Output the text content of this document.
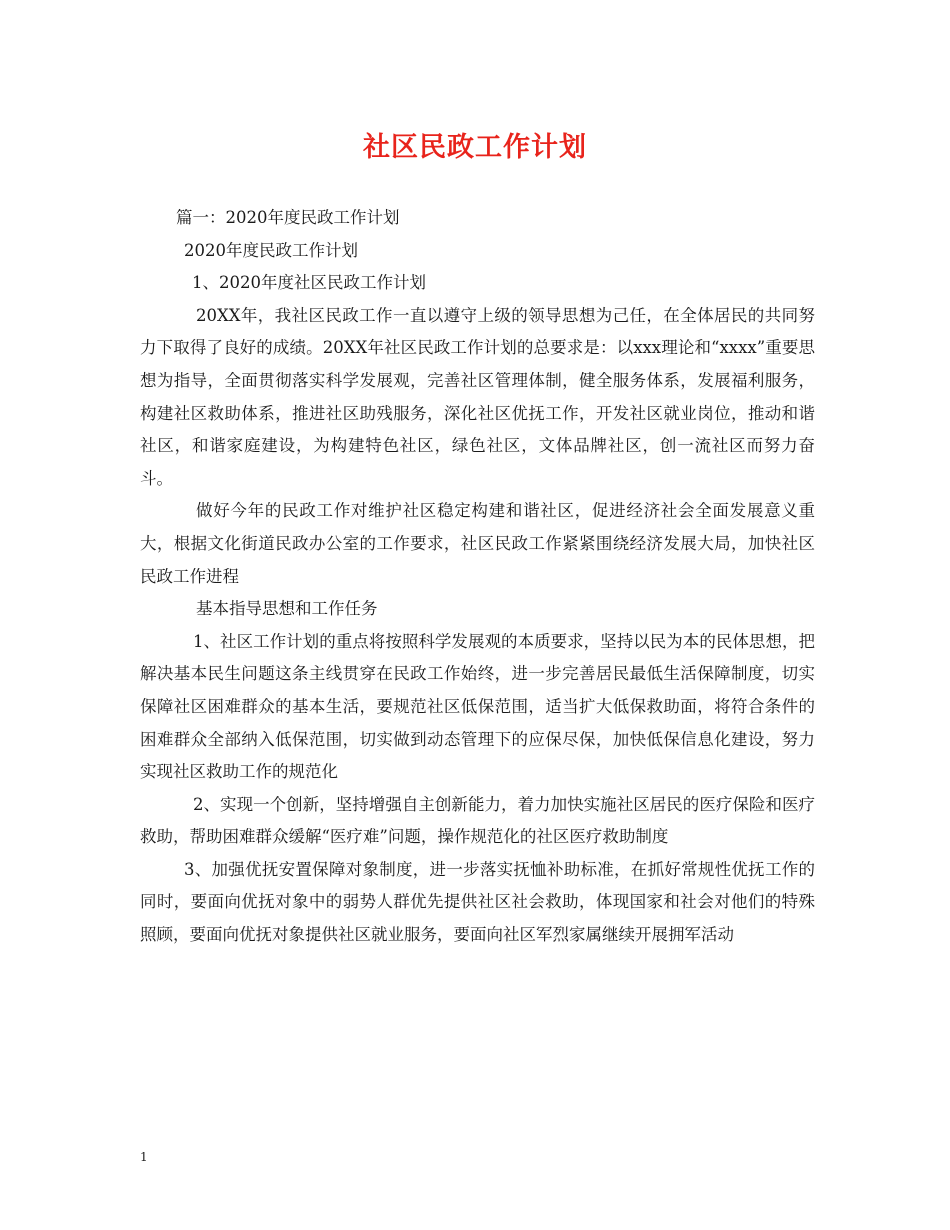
社区民政工作计划

篇一：2020年度民政工作计划

2020年度民政工作计划

1、2020年度社区民政工作计划

20XX年，我社区民政工作一直以遵守上级的领导思想为己任，在全体居民的共同努力下取得了良好的成绩。20XX年社区民政工作计划的总要求是：以xxx理论和“xxxx”重要思想为指导，全面贯彻落实科学发展观，完善社区管理体制，健全服务体系，发展福利服务，构建社区救助体系，推进社区助残服务，深化社区优抚工作，开发社区就业岗位，推动和谐社区，和谐家庭建设，为构建特色社区，绿色社区，文体品牌社区，创一流社区而努力奋斗。

做好今年的民政工作对维护社区稳定构建和谐社区，促进经济社会全面发展意义重大，根据文化街道民政办公室的工作要求，社区民政工作紧紧围绕经济发展大局，加快社区民政工作进程

基本指导思想和工作任务

1、社区工作计划的重点将按照科学发展观的本质要求，坚持以民为本的民体思想，把解决基本民生问题这条主线贯穿在民政工作始终，进一步完善居民最低生活保障制度，切实保障社区困难群众的基本生活，要规范社区低保范围，适当扩大低保救助面，将符合条件的困难群众全部纳入低保范围，切实做到动态管理下的应保尽保，加快低保信息化建设，努力实现社区救助工作的规范化

2、实现一个创新，坚持增强自主创新能力，着力加快实施社区居民的医疗保险和医疗救助，帮助困难群众缓解“医疗难”问题，操作规范化的社区医疗救助制度

3、加强优抚安置保障对象制度，进一步落实抚恤补助标准，在抓好常规性优抚工作的同时，要面向优抚对象中的弱势人群优先提供社区社会救助，体现国家和社会对他们的特殊照顾，要面向优抚对象提供社区就业服务，要面向社区军烈家属继续开展拥军活动

1
